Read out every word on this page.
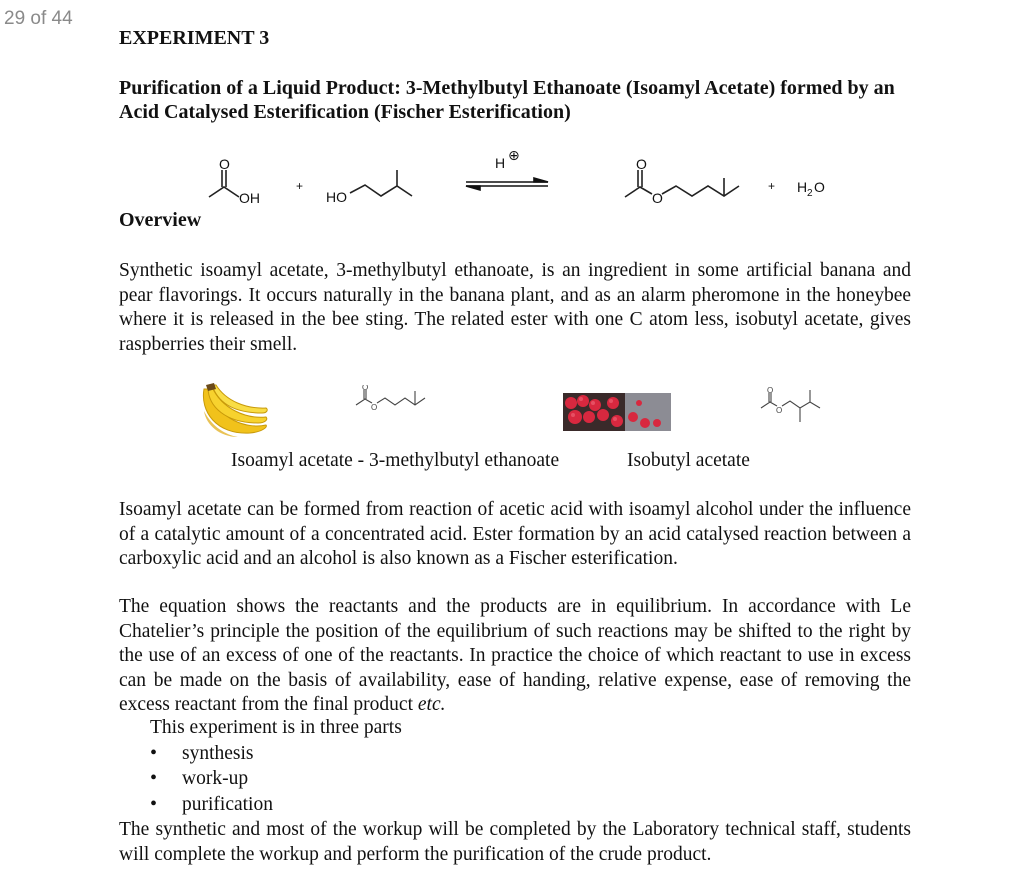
29 of 44
EXPERIMENT 3
Purification of a Liquid Product: 3-Methylbutyl Ethanoate (Isoamyl Acetate) formed by an Acid Catalysed Esterification (Fischer Esterification)
O
OH
+
HO
H ⊕
O
O
+ H 2 O
Overview

Synthetic isoamyl acetate, 3-methylbutyl ethanoate, is an ingredient in some artificial banana and pear flavorings. It occurs naturally in the banana plant, and as an alarm pheromone in the honeybee where it is released in the bee sting. The related ester with one C atom less, isobutyl acetate, gives raspberries their smell.

O
O
O
O
Isoamyl acetate - 3-methylbutyl ethanoate	Isobutyl acetate

Isoamyl acetate can be formed from reaction of acetic acid with isoamyl alcohol under the influence of a catalytic amount of a concentrated acid. Ester formation by an acid catalysed reaction between a carboxylic acid and an alcohol is also known as a Fischer esterification.

The equation shows the reactants and the products are in equilibrium. In accordance with Le Chatelier’s principle the position of the equilibrium of such reactions may be shifted to the right by the use of an excess of one of the reactants. In practice the choice of which reactant to use in excess can be made on the basis of availability, ease of handing, relative expense, ease of removing the excess reactant from the final product etc.

This experiment is in three parts
• synthesis
• work-up
• purification

The synthetic and most of the workup will be completed by the Laboratory technical staff, students will complete the workup and perform the purification of the crude product.
